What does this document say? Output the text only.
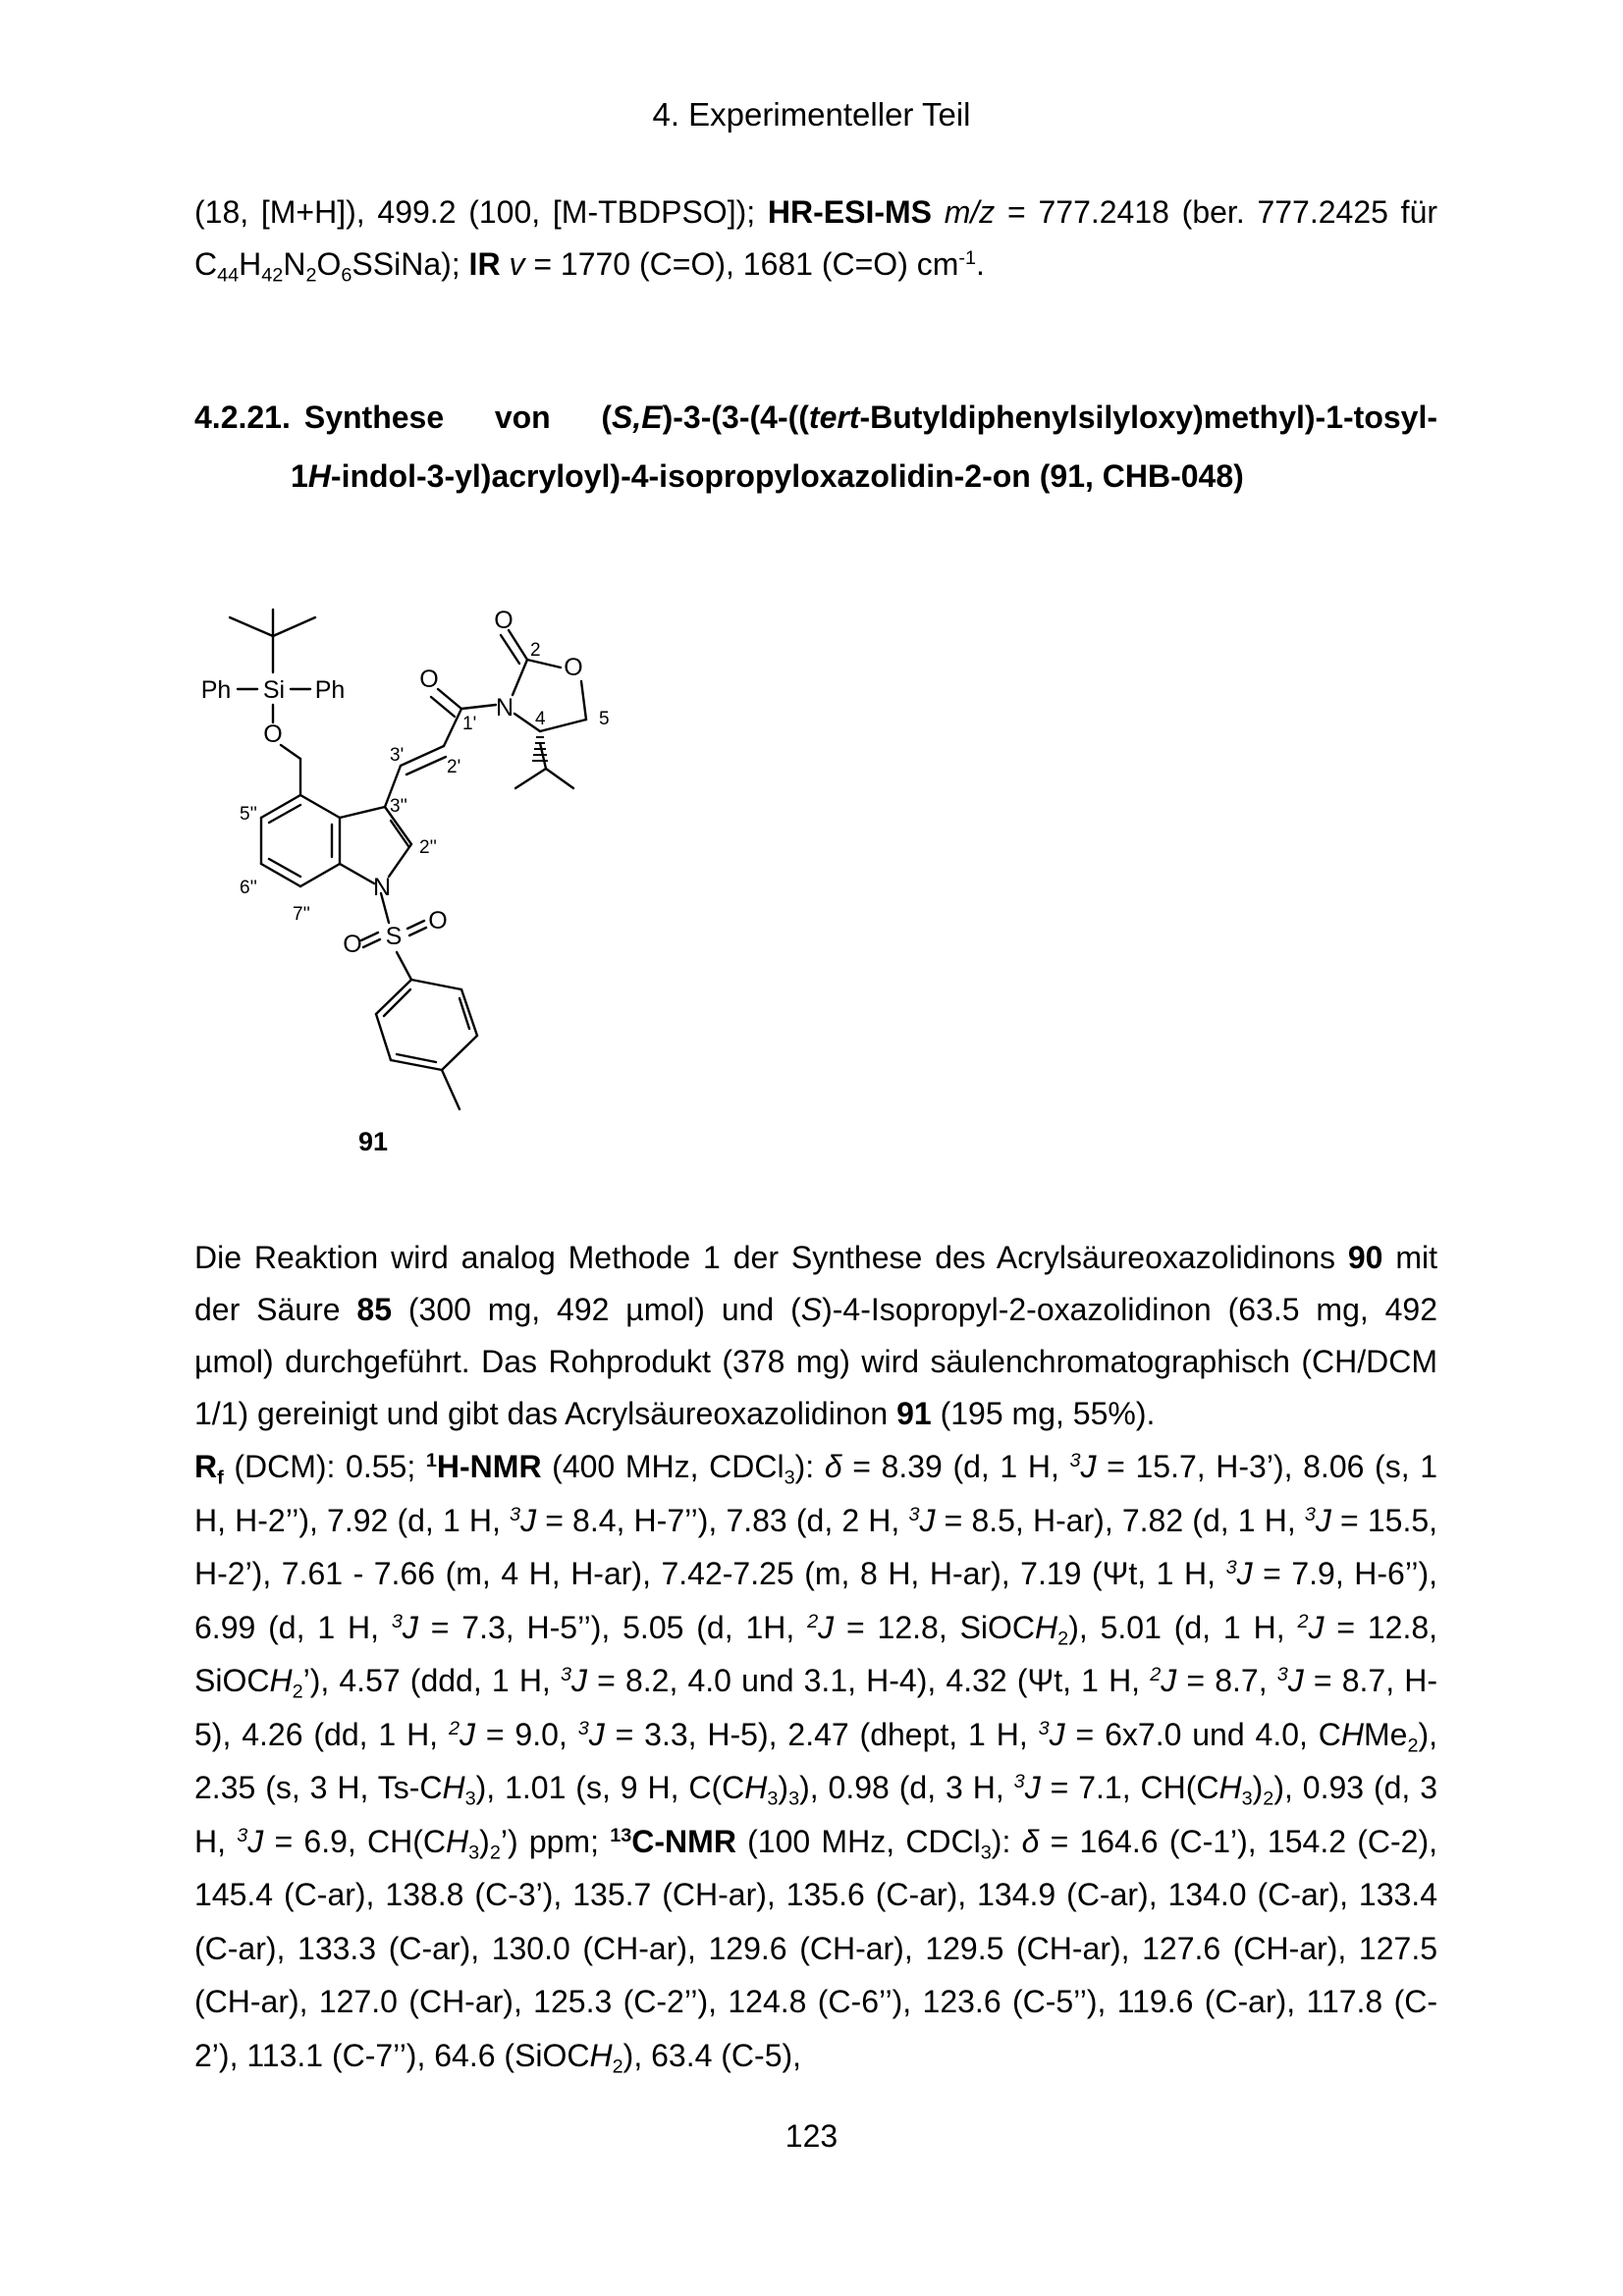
4. Experimenteller Teil
(18, [M+H]), 499.2 (100, [M-TBDPSO]); HR-ESI-MS m/z = 777.2418 (ber. 777.2425 für $C_{44}H_{42}N_2O_6SSiNa$); IR v = 1770 (C=O), 1681 (C=O) $cm^{-1}$.
4.2.21. Synthese von (S,E)-3-(3-(4-((tert-Butyldiphenylsilyloxy)methyl)-1-tosyl-
1H-indol-3-yl)acryloyl)-4-isopropyloxazolidin-2-on (91, CHB-048)
Ph Si Ph
O
O
O
O
N
N
S
O
O
2
1'	4	5
3'
2'
5''	3''
2''
6''
7''
91
Die Reaktion wird analog Methode 1 der Synthese des Acrylsäureoxazolidinons 90 mit der Säure 85 (300 mg, 492 µmol) und (S)-4-Isopropyl-2-oxazolidinon (63.5 mg, 492 µmol) durchgeführt. Das Rohprodukt (378 mg) wird säulenchromatographisch (CH/DCM 1/1) gereinigt und gibt das Acrylsäureoxazolidinon 91 (195 mg, 55%).
$R_f$ (DCM): 0.55; $^1$H-NMR (400 MHz, CDCl$_3$): δ = 8.39 (d, 1 H, $^3$J = 15.7, H-3’), 8.06 (s, 1 H, H-2’’), 7.92 (d, 1 H, $^3$J = 8.4, H-7’’), 7.83 (d, 2 H, $^3$J = 8.5, H-ar), 7.82 (d, 1 H, $^3$J = 15.5, H-2’), 7.61 - 7.66 (m, 4 H, H-ar), 7.42-7.25 (m, 8 H, H-ar), 7.19 (Ψt, 1 H, $^3$J = 7.9, H-6’’), 6.99 (d, 1 H, $^3$J = 7.3, H-5’’), 5.05 (d, 1H, $^2$J = 12.8, SiOCH$_2$), 5.01 (d, 1 H, $^2$J = 12.8, SiOCH$_2$’), 4.57 (ddd, 1 H, $^3$J = 8.2, 4.0 und 3.1, H-4), 4.32 (Ψt, 1 H, $^2$J = 8.7, $^3$J = 8.7, H-5), 4.26 (dd, 1 H, $^2$J = 9.0, $^3$J = 3.3, H-5), 2.47 (dhept, 1 H, $^3$J = 6x7.0 und 4.0, CHMe$_2$), 2.35 (s, 3 H, $Ts-CH_3$), 1.01 (s, 9 H, $C(CH_3)_3$), 0.98 (d, 3 H, $^3$J = 7.1, $CH(CH_3)_2$), 0.93 (d, 3 H, $^3$J = 6.9, $CH(CH_3)_2$’) ppm; $^{13}$C-NMR (100 MHz, CDCl$_3$): δ = 164.6 (C-1’), 154.2 (C-2), 145.4 (C-ar), 138.8 (C-3’), 135.7 (CH-ar), 135.6 (C-ar), 134.9 (C-ar), 134.0 (C-ar), 133.4 (C-ar), 133.3 (C-ar), 130.0 (CH-ar), 129.6 (CH-ar), 129.5 (CH-ar), 127.6 (CH-ar), 127.5 (CH-ar), 127.0 (CH-ar), 125.3 (C-2’’), 124.8 (C-6’’), 123.6 (C-5’’), 119.6 (C-ar), 117.8 (C-2’), 113.1 (C-7’’), 64.6 (SiOCH$_2$), 63.4 (C-5),
123
